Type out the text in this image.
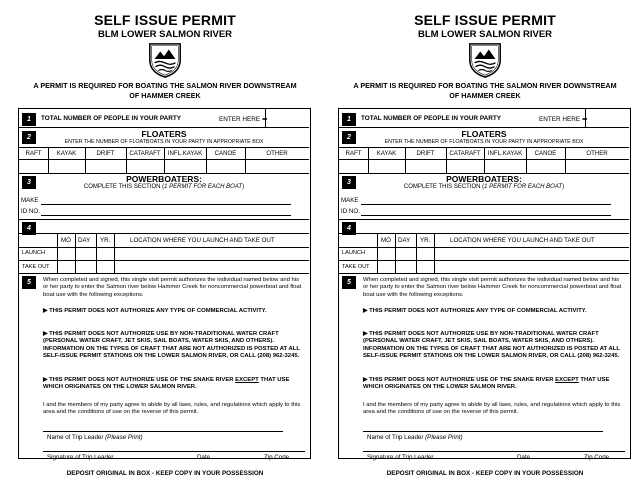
SELF ISSUE PERMIT
BLM LOWER SALMON RIVER
A PERMIT IS REQUIRED FOR BOATING THE SALMON RIVER DOWNSTREAM
OF HAMMER CREEK
1	TOTAL NUMBER OF PEOPLE IN YOUR PARTY	ENTER HERE ➡
2	FLOATERS
ENTER THE NUMBER OF FLOATBOATS IN YOUR PARTY IN APPROPRIATE BOX
RAFT	KAYAK	DRIFT	CATARAFT	INFL.KAYAK	CANOE	OTHER
3	POWERBOATERS:
COMPLETE THIS SECTION (1 PERMIT FOR EACH BOAT)
MAKE
ID NO.
4
MO DAY YR.	LOCATION WHERE YOU LAUNCH AND TAKE OUT
LAUNCH
TAKE OUT
5	When completed and signed, this single visit permit authorizes the individual named below and his or her party to enter the Salmon river below Hammer Creek for noncommercial powerboat and float boat use with the following exceptions.
▶ THIS PERMIT DOES NOT AUTHORIZE ANY TYPE OF COMMERCIAL ACTIVITY.
▶ THIS PERMIT DOES NOT AUTHORIZE USE BY NON-TRADITIONAL WATER CRAFT (PERSONAL WATER CRAFT, JET SKIS, SAIL BOATS, WATER SKIS, AND OTHERS). INFORMATION ON THE TYPES OF CRAFT THAT ARE NOT AUTHORIZED IS POSTED AT ALL SELF-ISSUE PERMIT STATIONS ON THE LOWER SALMON RIVER, OR CALL (208) 962-3245.
▶ THIS PERMIT DOES NOT AUTHORIZE USE OF THE SNAKE RIVER EXCEPT THAT USE WHICH ORIGINATES ON THE LOWER SALMON RIVER.
I and the members of my party agree to abide by all laws, rules, and regulations which apply to this area and the conditions of use on the reverse of this permit.
Name of Trip Leader (Please Print)
Signature of Trip Leader	Date	Zip Code
DEPOSIT ORIGINAL IN BOX - KEEP COPY IN YOUR POSSESSION
SELF ISSUE PERMIT
BLM LOWER SALMON RIVER
A PERMIT IS REQUIRED FOR BOATING THE SALMON RIVER DOWNSTREAM
OF HAMMER CREEK
1	TOTAL NUMBER OF PEOPLE IN YOUR PARTY	ENTER HERE ➡
2	FLOATERS
ENTER THE NUMBER OF FLOATBOATS IN YOUR PARTY IN APPROPRIATE BOX
RAFT	KAYAK	DRIFT	CATARAFT	INFL.KAYAK	CANOE	OTHER
3	POWERBOATERS:
COMPLETE THIS SECTION (1 PERMIT FOR EACH BOAT)
MAKE
ID NO.
4
MO DAY YR.	LOCATION WHERE YOU LAUNCH AND TAKE OUT
LAUNCH
TAKE OUT
5	When completed and signed, this single visit permit authorizes the individual named below and his or her party to enter the Salmon river below Hammer Creek for noncommercial powerboat and float boat use with the following exceptions.
▶ THIS PERMIT DOES NOT AUTHORIZE ANY TYPE OF COMMERCIAL ACTIVITY.
▶ THIS PERMIT DOES NOT AUTHORIZE USE BY NON-TRADITIONAL WATER CRAFT (PERSONAL WATER CRAFT, JET SKIS, SAIL BOATS, WATER SKIS, AND OTHERS). INFORMATION ON THE TYPES OF CRAFT THAT ARE NOT AUTHORIZED IS POSTED AT ALL SELF-ISSUE PERMIT STATIONS ON THE LOWER SALMON RIVER, OR CALL (208) 962-3245.
▶ THIS PERMIT DOES NOT AUTHORIZE USE OF THE SNAKE RIVER EXCEPT THAT USE WHICH ORIGINATES ON THE LOWER SALMON RIVER.
I and the members of my party agree to abide by all laws, rules, and regulations which apply to this area and the conditions of use on the reverse of this permit.
Name of Trip Leader (Please Print)
Signature of Trip Leader	Date	Zip Code
DEPOSIT ORIGINAL IN BOX - KEEP COPY IN YOUR POSSESSION
